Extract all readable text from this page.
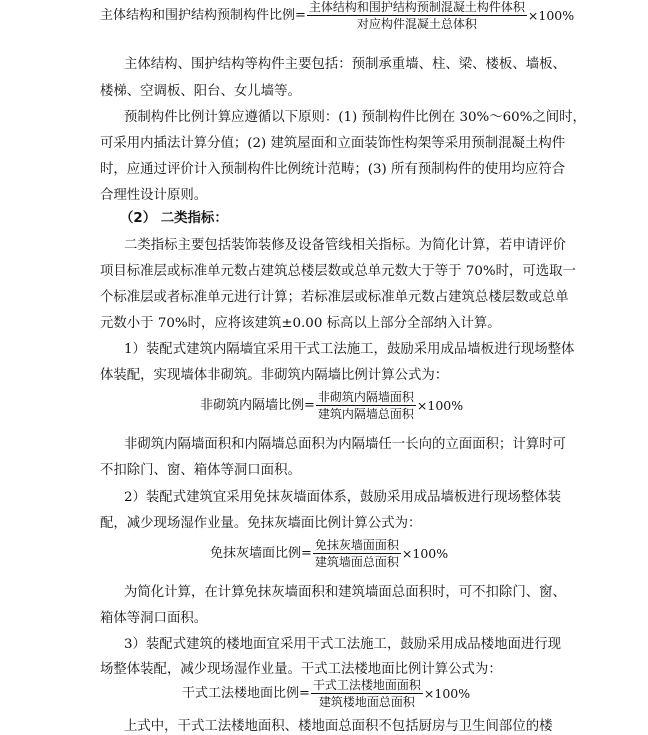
主体结构和围护结构预制构件比例= $\frac{\text{主体结构和围护结构预制混凝土构件体积}}{\text{对应构件混凝土总体积}} \times 100\%$
主体结构、围护结构等构件主要包括：预制承重墙、柱、梁、楼板、墙板、
楼梯、空调板、阳台、女儿墙等。
预制构件比例计算应遵循以下原则：(1) 预制构件比例在 30%～60%之间时，
可采用内插法计算分值；(2) 建筑屋面和立面装饰性构架等采用预制混凝土构件
时，应通过评价计入预制构件比例统计范畴；(3) 所有预制构件的使用均应符合
合理性设计原则。
（2） 二类指标：
二类指标主要包括装饰装修及设备管线相关指标。为简化计算，若申请评价
项目标准层或标准单元数占建筑总楼层数或总单元数大于等于 70%时，可选取一
个标准层或者标准单元进行计算；若标准层或标准单元数占建筑总楼层数或总单
元数小于 70%时，应将该建筑±0.00 标高以上部分全部纳入计算。
1）装配式建筑内隔墙宜采用干式工法施工，鼓励采用成品墙板进行现场整体
体装配，实现墙体非砌筑。非砌筑内隔墙比例计算公式为：
非砌筑内隔墙比例= $\frac{\text{非砌筑内隔墙面积}}{\text{建筑内隔墙总面积}} \times 100\%$
非砌筑内隔墙面积和内隔墙总面积为内隔墙任一长向的立面面积；计算时可
不扣除门、窗、箱体等洞口面积。
2）装配式建筑宜采用免抹灰墙面体系，鼓励采用成品墙板进行现场整体装
配，减少现场湿作业量。免抹灰墙面比例计算公式为：
免抹灰墙面比例= $\frac{\text{免抹灰墙面面积}}{\text{建筑墙面总面积}} \times 100\%$
为简化计算，在计算免抹灰墙面积和建筑墙面总面积时，可不扣除门、窗、
箱体等洞口面积。
3）装配式建筑的楼地面宜采用干式工法施工，鼓励采用成品楼地面进行现
场整体装配，减少现场湿作业量。干式工法楼地面比例计算公式为：
干式工法楼地面比例= $\frac{\text{干式工法楼地面面积}}{\text{建筑楼地面总面积}} \times 100\%$
上式中，干式工法楼地面积、楼地面总面积不包括厨房与卫生间部位的楼
